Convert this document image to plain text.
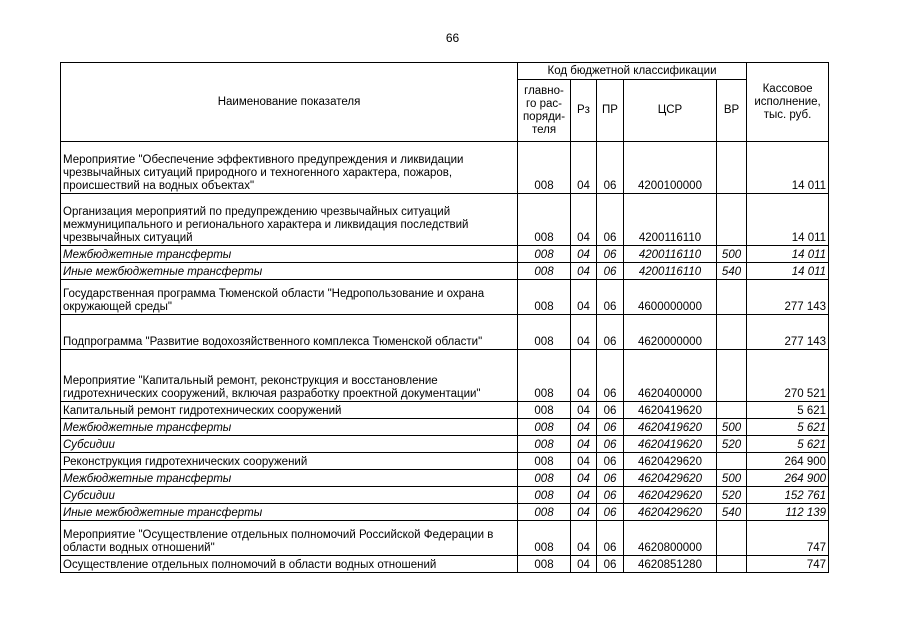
66
Наименование показателя	Код бюджетной классификации					Кассовое исполнение, тыс. руб.
	главно-го рас-поряди-теля	Рз	ПР	ЦСР	ВР	
Мероприятие "Обеспечение эффективного предупреждения и ликвидации чрезвычайных ситуаций природного и техногенного характера, пожаров, происшествий на водных объектах"	008	04	06	4200100000		14 011
Организация мероприятий по предупреждению чрезвычайных ситуаций межмуниципального и регионального характера и ликвидация последствий чрезвычайных ситуаций	008	04	06	4200116110		14 011
Межбюджетные трансферты	008	04	06	4200116110	500	14 011
Иные межбюджетные трансферты	008	04	06	4200116110	540	14 011
Государственная программа Тюменской области "Недропользование и охрана окружающей среды"	008	04	06	4600000000		277 143
Подпрограмма "Развитие водохозяйственного комплекса Тюменской области"	008	04	06	4620000000		277 143
Мероприятие "Капитальный ремонт, реконструкция и восстановление гидротехнических сооружений, включая разработку проектной документации"	008	04	06	4620400000		270 521
Капитальный ремонт гидротехнических сооружений	008	04	06	4620419620		5 621
Межбюджетные трансферты	008	04	06	4620419620	500	5 621
Субсидии	008	04	06	4620419620	520	5 621
Реконструкция гидротехнических сооружений	008	04	06	4620429620		264 900
Межбюджетные трансферты	008	04	06	4620429620	500	264 900
Субсидии	008	04	06	4620429620	520	152 761
Иные межбюджетные трансферты	008	04	06	4620429620	540	112 139
Мероприятие "Осуществление отдельных полномочий Российской Федерации в области водных отношений"	008	04	06	4620800000		747
Осуществление отдельных полномочий в области водных отношений	008	04	06	4620851280		747
